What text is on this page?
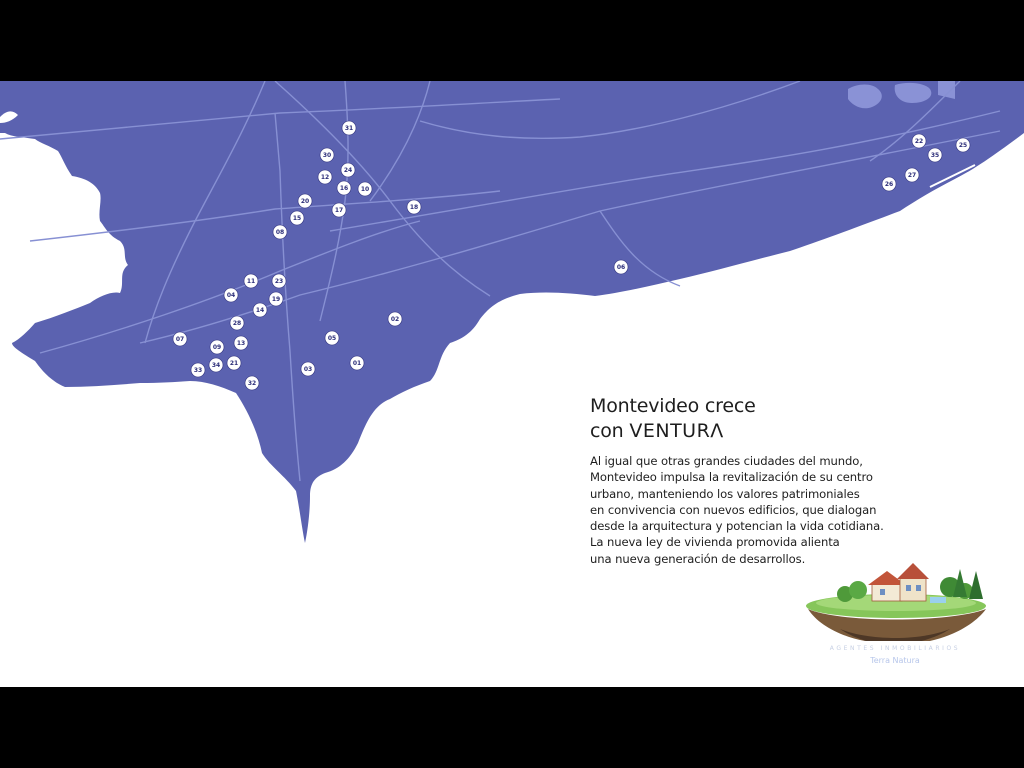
01
02
03
04
05
06
07
08
09
10
11
12
13
14
15
16
17	18
19
20
21
22
23
24
25
26
27
28
30
31
32
33
34
35
Montevideo crece
con VENTURΛ

Al igual que otras grandes ciudades del mundo,
Montevideo impulsa la revitalización de su centro
urbano, manteniendo los valores patrimoniales
en convivencia con nuevos edificios, que dialogan
desde la arquitectura y potencian la vida cotidiana.
La nueva ley de vivienda promovida alienta
una nueva generación de desarrollos.

AGENTES INMOBILIARIOS
Terra Natura
